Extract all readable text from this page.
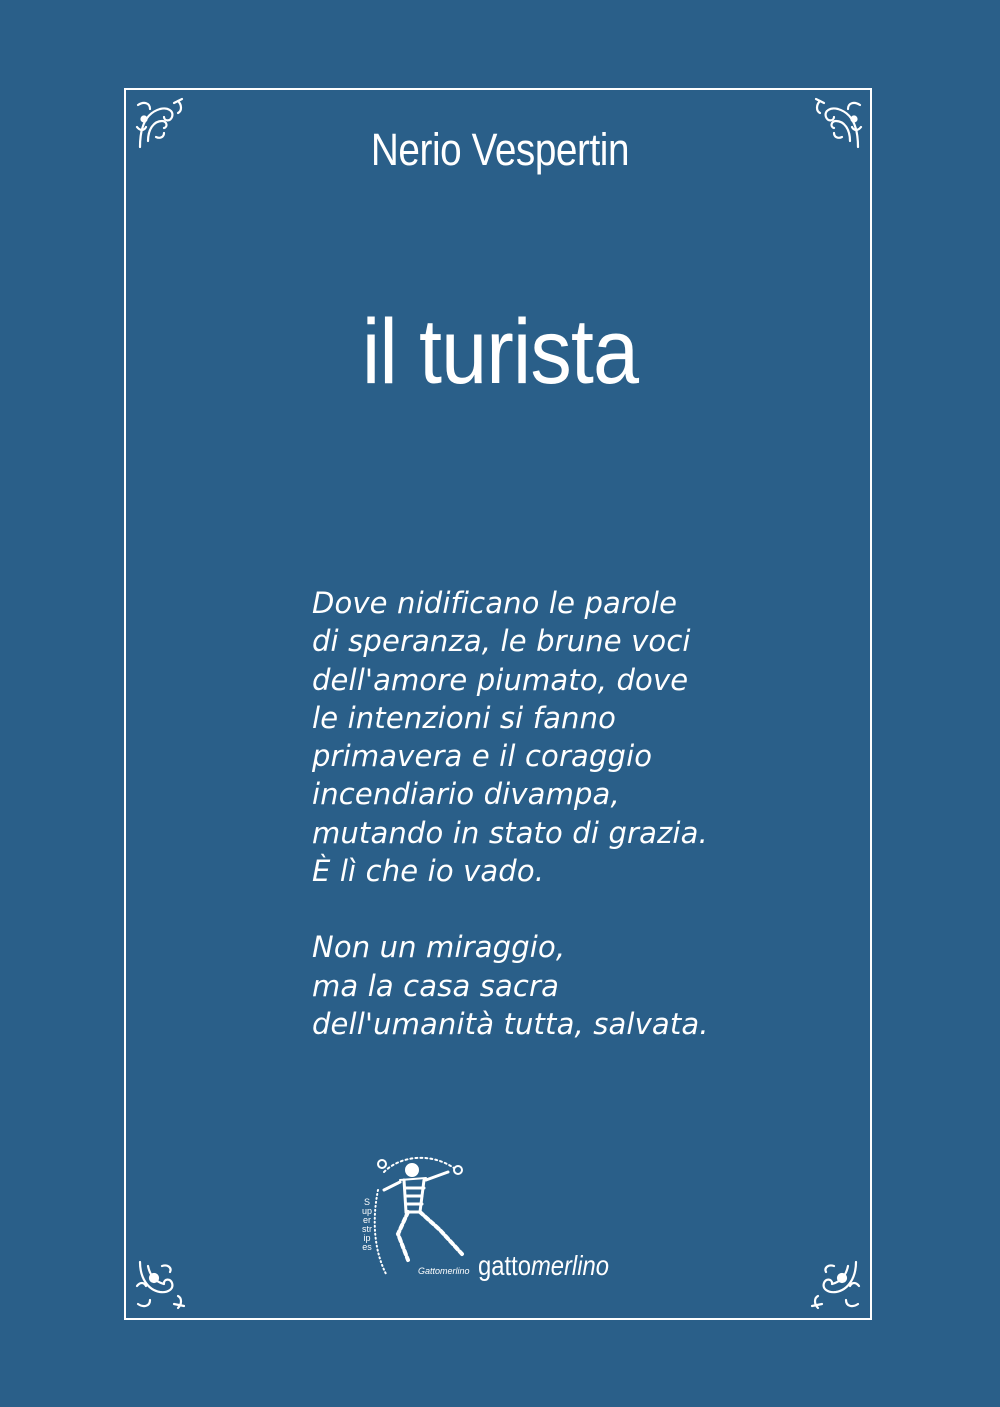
Nerio Vespertin
il turista
Dove nidificano le parole
di speranza, le brune voci
dell'amore piumato, dove
le intenzioni si fanno
primavera e il coraggio
incendiario divampa,
mutando in stato di grazia.
È lì che io vado.
Non un miraggio,
ma la casa sacra
dell'umanità tutta, salvata.
Superstripes
Gattomerlino gattomerlino
